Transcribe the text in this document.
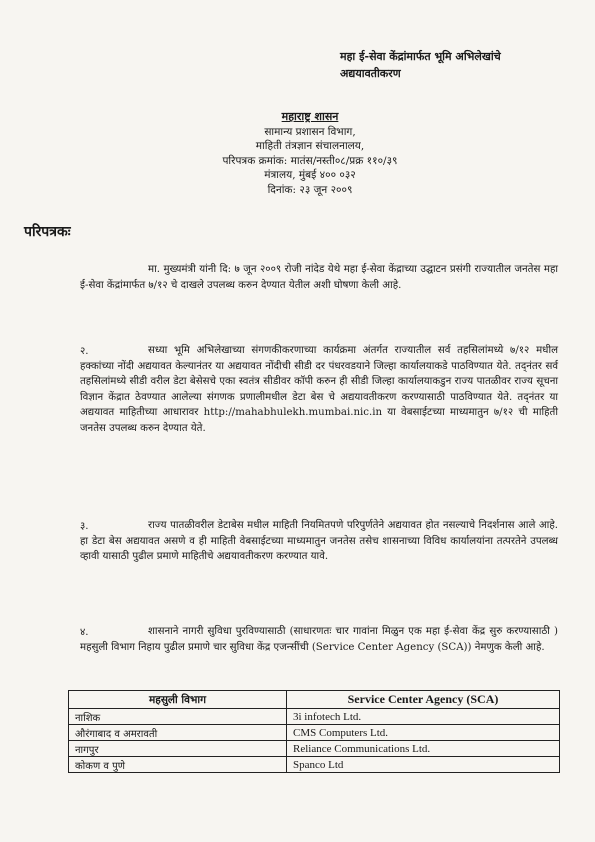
महा ई-सेवा केंद्रांमार्फत भूमि अभिलेखांचे
अद्ययावतीकरण
महाराष्ट्र शासन
सामान्य प्रशासन विभाग,
माहिती तंत्रज्ञान संचालनालय,
परिपत्रक क्रमांक: मातंस/नस्ती०८/प्रक्र ११०/३९
मंत्रालय, मुंबई ४०० ०३२
दिनांक: २३ जून २००९
परिपत्रकः
मा. मुख्यमंत्री यांनी दि: ७ जून २००९ रोजी नांदेड येथे महा ई-सेवा केंद्राच्या उद्घाटन प्रसंगी राज्यातील जनतेस महा ई-सेवा केंद्रांमार्फत ७/१२ चे दाखले उपलब्ध करुन देण्यात येतील अशी घोषणा केली आहे.
२.	सध्या भूमि अभिलेखाच्या संगणकीकरणाच्या कार्यक्रमा अंतर्गत राज्यातील सर्व तहसिलांमध्ये ७/१२ मधील हक्कांच्या नोंदी अद्ययावत केल्यानंतर या अद्ययावत नोंदीची सीडी दर पंधरवडयाने जिल्हा कार्यालयाकडे पाठविण्यात येते. तद्नंतर सर्व तहसिलांमध्ये सीडी वरील डेटा बेसेसचे एका स्वतंत्र सीडीवर कॉपी करुन ही सीडी जिल्हा कार्यालयाकडुन राज्य पातळीवर राज्य सूचना विज्ञान केंद्रात ठेवण्यात आलेल्या संगणक प्रणालीमधील डेटा बेस चे अद्ययावतीकरण करण्यासाठी पाठविण्यात येते. तद्नंतर या अद्ययावत माहितीच्या आधारावर http://mahabhulekh.mumbai.nic.in या वेबसाईटच्या माध्यमातुन ७/१२ ची माहिती जनतेस उपलब्ध करुन देण्यात येते.
३.	राज्य पातळीवरील डेटाबेस मधील माहिती नियमितपणे परिपुर्णतेने अद्ययावत होत नसल्याचे निदर्शनास आले आहे. हा डेटा बेस अद्ययावत असणे व ही माहिती वेबसाईटच्या माध्यमातुन जनतेस तसेच शासनाच्या विविध कार्यालयांना तत्परतेने उपलब्ध व्हावी यासाठी पुढील प्रमाणे माहितीचे अद्ययावतीकरण करण्यात यावे.
४.	शासनाने नागरी सुविधा पुरविण्यासाठी (साधारणतः चार गावांना मिळुन एक महा ई-सेवा केंद्र सुरु करण्यासाठी ) महसुली विभाग निहाय पुढील प्रमाणे चार सुविधा केंद्र एजन्सींची (Service Center Agency (SCA)) नेमणुक केली आहे.
महसुली विभाग	Service Center Agency (SCA)
नाशिक	3i infotech Ltd.
औरंगाबाद व अमरावती	CMS Computers Ltd.
नागपुर	Reliance Communications Ltd.
कोकण व पुणे	Spanco Ltd
